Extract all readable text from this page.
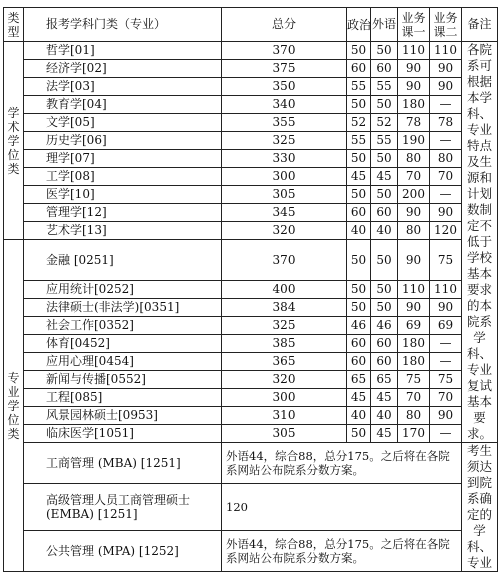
类型	报考学科门类（专业）	总分	政治	外语	业务课一	业务课二	备注

学术学位类	哲学[01]	370	50	50	110	110	各院系可根据本学科、专业特点及生源和计划数制定不低于学校基本要求的本院系学科、专业复试基本要求。

	经济学[02]	375	60	60	90	90	
	法学[03]	350	55	55	90	90	
	教育学[04]	340	50	50	180	—	
	文学[05]	355	52	52	78	78	
	历史学[06]	325	55	55	190	—	
	理学[07]	330	50	50	80	80	
	工学[08]	300	45	45	70	70	
	医学[10]	305	50	50	200	—	
	管理学[12]	345	60	60	90	90	
	艺术学[13]	320	40	40	80	120	

专业学位类	金融 [0251]	370	50	50	90	75	
	应用统计[0252]	400	50	50	110	110	
	法律硕士(非法学)[0351]	384	50	50	90	90	
	社会工作[0352]	325	46	46	69	69	
	体育[0452]	385	60	60	180	—	
	应用心理[0454]	365	60	60	180	—	
	新闻与传播[0552]	320	65	65	75	75	
	工程[085]	300	45	45	70	70	
	风景园林硕士[0953]	310	40	40	80	90	
	临床医学[1051]	305	50	45	170	—	
	工商管理 (MBA) [1251]	外语44，综合88，总分175。之后将在各院系网站公布院系分数方案。					考生须达到院系确定的学科、专业

	高级管理人员工商管理硕士 (EMBA) [1251]	120					
	公共管理 (MPA) [1252]	外语44，综合88，总分175。之后将在各院系网站公布院系分数方案。					
